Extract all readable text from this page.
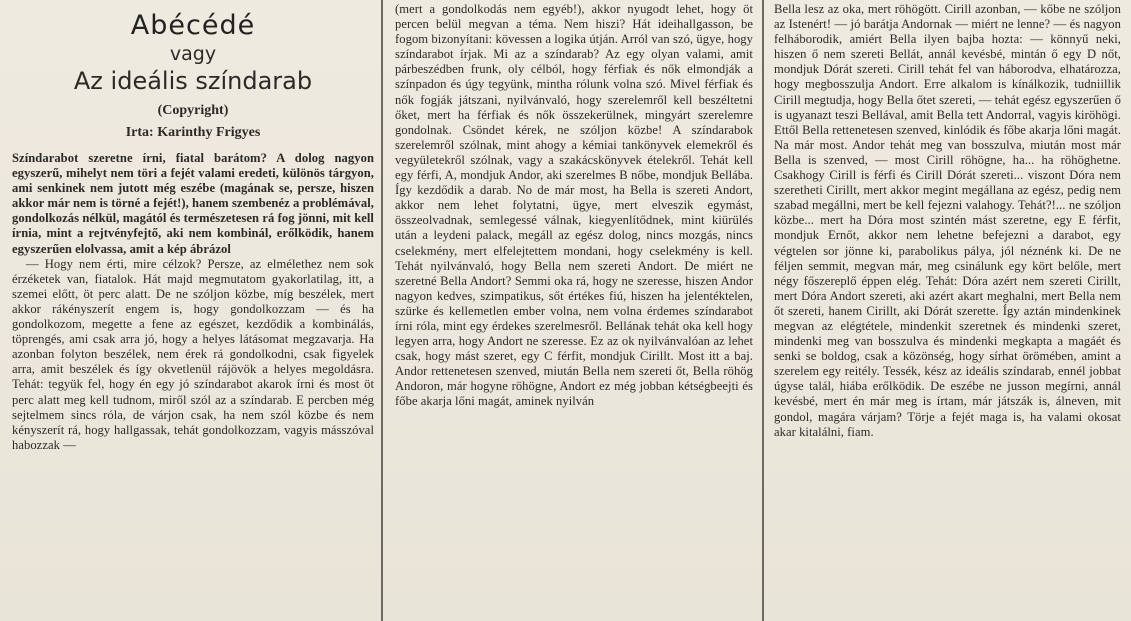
Abécédé
vagy
Az ideális színdarab
(Copyright)
Irta: Karinthy Frigyes

Színdarabot szeretne írni, fiatal barátom? A dolog nagyon egyszerű, mihelyt nem töri a fejét valami eredeti, különös tárgyon, ami senkinek nem jutott még eszébe (magának se, persze, hiszen akkor már nem is törné a fejét!), hanem szembenéz a problémával, gondolkozás nélkül, magától és természetesen rá fog jönni, mit kell írnia, mint a rejtvényfejtő, aki nem kombinál, erőlködik, hanem egyszerűen elolvassa, amit a kép ábrázol

— Hogy nem érti, mire célzok? Persze, az elmélethez nem sok érzéketek van, fiatalok. Hát majd megmutatom gyakorlatilag, itt, a szemei előtt, öt perc alatt. De ne szóljon közbe, míg beszélek, mert akkor rákényszerít engem is, hogy gondolkozzam — és ha gondolkozom, megette a fene az egészet, kezdődik a kombinálás, töprengés, ami csak arra jó, hogy a helyes látásomat megzavarja. Ha azonban folyton beszélek, nem érek rá gondolkodni, csak figyelek arra, amit beszélek és így okvetlenül rájövök a helyes megoldásra. Tehát: tegyük fel, hogy én egy jó színdarabot akarok írni és most öt perc alatt meg kell tudnom, miről szól az a színdarab. E percben még sejtelmem sincs róla, de várjon csak, ha nem szól közbe és nem kényszerít rá, hogy hallgassak, tehát gondolkozzam, vagyis másszóval habozzak —

(mert a gondolkodás nem egyéb!), akkor nyugodt lehet, hogy öt percen belül megvan a téma. Nem hiszi? Hát ideihallgasson, be fogom bizonyítani: kövessen a logika útján. Arról van szó, ügye, hogy színdarabot írjak. Mi az a színdarab? Az egy olyan valami, amit párbeszédben frunk, oly célból, hogy férfiak és nők elmondják a színpadon és úgy tegyünk, mintha rólunk volna szó. Mivel férfiak és nők fogják játszani, nyilvánvaló, hogy szerelemről kell beszéltetni őket, mert ha férfiak és nők összekerülnek, mingyárt szerelemre gondolnak. Csöndet kérek, ne szóljon közbe! A színdarabok szerelemről szólnak, mint ahogy a kémiai tankönyvek elemekről és vegyületekről szólnak, vagy a szakácskönyvek ételekről. Tehát kell egy férfi, A, mondjuk Andor, aki szerelmes B nőbe, mondjuk Bellába. Így kezdődik a darab. No de már most, ha Bella is szereti Andort, akkor nem lehet folytatni, ügye, mert elveszik egymást, összeolvadnak, semlegessé válnak, kiegyenlítődnek, mint kiürülés után a leydeni palack, megáll az egész dolog, nincs mozgás, nincs cselekmény, mert elfelejtettem mondani, hogy cselekmény is kell. Tehát nyilvánvaló, hogy Bella nem szereti Andort. De miért ne szeretné Bella Andort? Semmi oka rá, hogy ne szeresse, hiszen Andor nagyon kedves, szimpatikus, sőt értékes fiú, hiszen ha jelentéktelen, szürke és kellemetlen ember volna, nem volna érdemes színdarabot írni róla, mint egy érdekes szerelmesről. Bellának tehát oka kell hogy legyen arra, hogy Andort ne szeresse. Ez az ok nyilvánvalóan az lehet csak, hogy mást szeret, egy C férfit, mondjuk Cirillt. Most itt a baj. Andor rettenetesen szenved, miután Bella nem szereti őt, Bella röhög Andoron, már hogyne röhögne, Andort ez még jobban kétségbeejti és főbe akarja lőni magát, aminek nyilván

Bella lesz az oka, mert röhögött. Cirill azonban, — kőbe ne szóljon az Istenért! — jó barátja Andornak — miért ne lenne? — és nagyon felháborodik, amiért Bella ilyen bajba hozta: — könnyű neki, hiszen ő nem szereti Bellát, annál kevésbé, mintán ő egy D nőt, mondjuk Dórát szereti. Cirill tehát fel van háborodva, elhatározza, hogy megbosszulja Andort. Erre alkalom is kínálkozik, tudniillik Cirill megtudja, hogy Bella őtet szereti, — tehát egész egyszerűen ő is ugyanazt teszi Bellával, amit Bella tett Andorral, vagyis kiröhögi. Ettől Bella rettenetesen szenved, kinlódik és főbe akarja lőni magát. Na már most. Andor tehát meg van bosszulva, miután most már Bella is szenved, — most Cirill röhögne, ha... ha röhöghetne. Csakhogy Cirill is férfi és Cirill Dórát szereti... viszont Dóra nem szeretheti Cirillt, mert akkor megint megállana az egész, pedig nem szabad megállni, mert be kell fejezni valahogy. Tehát?!... ne szóljon közbe... mert ha Dóra most szintén mást szeretne, egy E férfit, mondjuk Ernőt, akkor nem lehetne befejezni a darabot, egy végtelen sor jönne ki, parabolikus pálya, jól néznénk ki. De ne féljen semmit, megvan már, meg csinálunk egy kört belőle, mert négy főszereplő éppen elég. Tehát: Dóra azért nem szereti Cirillt, mert Dóra Andort szereti, aki azért akart meghalni, mert Bella nem őt szereti, hanem Cirillt, aki Dórát szerette. Így aztán mindenkinek megvan az elégtétele, mindenkit szeretnek és mindenki szeret, mindenki meg van bosszulva és mindenki megkapta a magáét és senki se boldog, csak a közönség, hogy sírhat örömében, amint a szerelem egy reitély. Tessék, kész az ideális színdarab, ennél jobbat úgyse talál, hiába erőlködik. De eszébe ne jusson megírni, annál kevésbé, mert én már meg is írtam, már játszák is, álneven, mit gondol, magára várjam? Törje a fejét maga is, ha valami okosat akar kitalálni, fiam.
